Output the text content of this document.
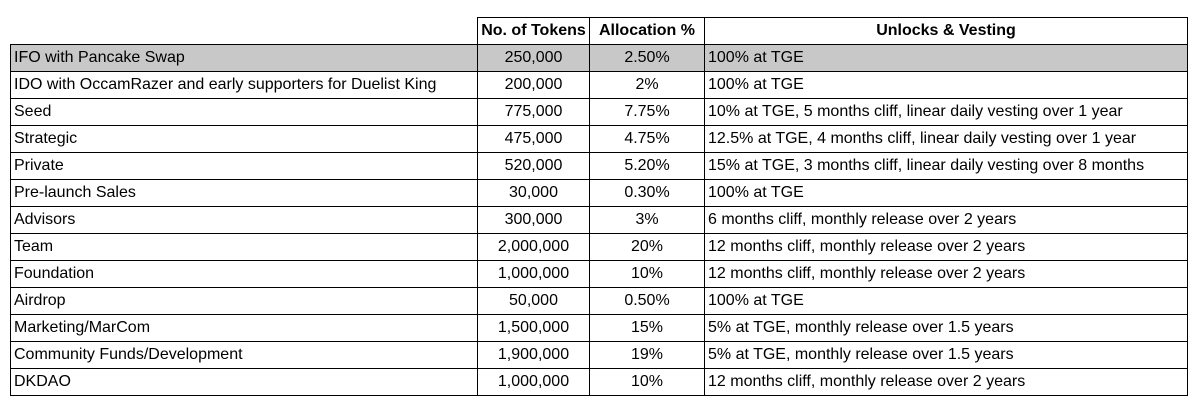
	No. of Tokens	Allocation %	Unlocks & Vesting
IFO with Pancake Swap	250,000	2.50%	100% at TGE
IDO with OccamRazer and early supporters for Duelist King	200,000	2%	100% at TGE
Seed	775,000	7.75%	10% at TGE, 5 months cliff, linear daily vesting over 1 year
Strategic	475,000	4.75%	12.5% at TGE, 4 months cliff, linear daily vesting over 1 year
Private	520,000	5.20%	15% at TGE, 3 months cliff, linear daily vesting over 8 months
Pre-launch Sales	30,000	0.30%	100% at TGE
Advisors	300,000	3%	6 months cliff, monthly release over 2 years
Team	2,000,000	20%	12 months cliff, monthly release over 2 years
Foundation	1,000,000	10%	12 months cliff, monthly release over 2 years
Airdrop	50,000	0.50%	100% at TGE
Marketing/MarCom	1,500,000	15%	5% at TGE, monthly release over 1.5 years
Community Funds/Development	1,900,000	19%	5% at TGE, monthly release over 1.5 years
DKDAO	1,000,000	10%	12 months cliff, monthly release over 2 years
